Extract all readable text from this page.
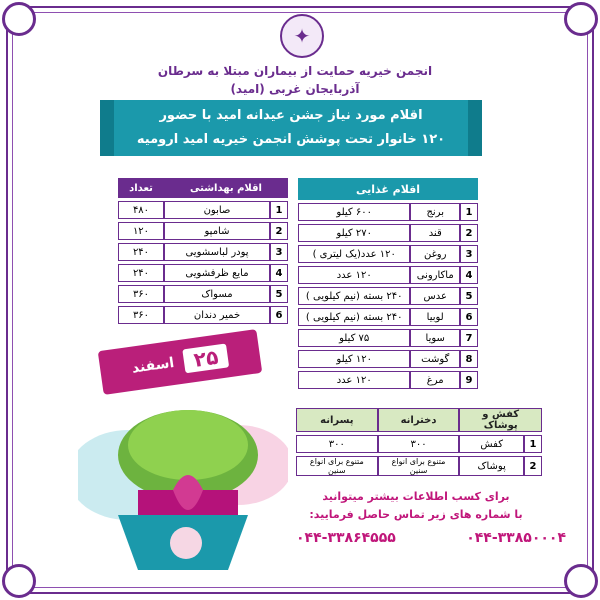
✦
انجمن خیریه حمایت از بیماران مبتلا به سرطان
آذربایجان غربی (امید)
اقلام مورد نیاز جشن عیدانه امید با حضور
۱۲۰ خانوار تحت پوشش انجمن خیریه امید ارومیه
اقلام بهداشتی		تعداد
1	صابون	۴۸۰
2	شامپو	۱۲۰
3	پودر لباسشویی	۲۴۰
4	مایع ظرفشویی	۲۴۰
5	مسواک	۳۶۰
6	خمیر دندان	۳۶۰
اقلام غذایی		
1	برنج	۶۰۰ کیلو
2	قند	۲۷۰ کیلو
3	روغن	۱۲۰ عدد(یک لیتری )
4	ماکارونی	۱۲۰ عدد
5	عدس	۲۴۰ بسته (نیم کیلویی )
6	لوبیا	۲۴۰ بسته (نیم کیلویی )
7	سویا	۷۵ کیلو
8	گوشت	۱۲۰ کیلو
9	مرغ	۱۲۰ عدد
۲۵
اسفند
کفش و پوشاک		دخترانه	پسرانه
1	کفش	۳۰۰	۳۰۰
2	پوشاک	متنوع برای انواع سنین	متنوع برای انواع سنین
برای کسب اطلاعات بیشتر میتوانید
با شماره های زیر تماس حاصل فرمایید:
۰۴۴-۳۳۸۶۴۵۵۵	۰۴۴-۳۳۸۵۰۰۰۴
